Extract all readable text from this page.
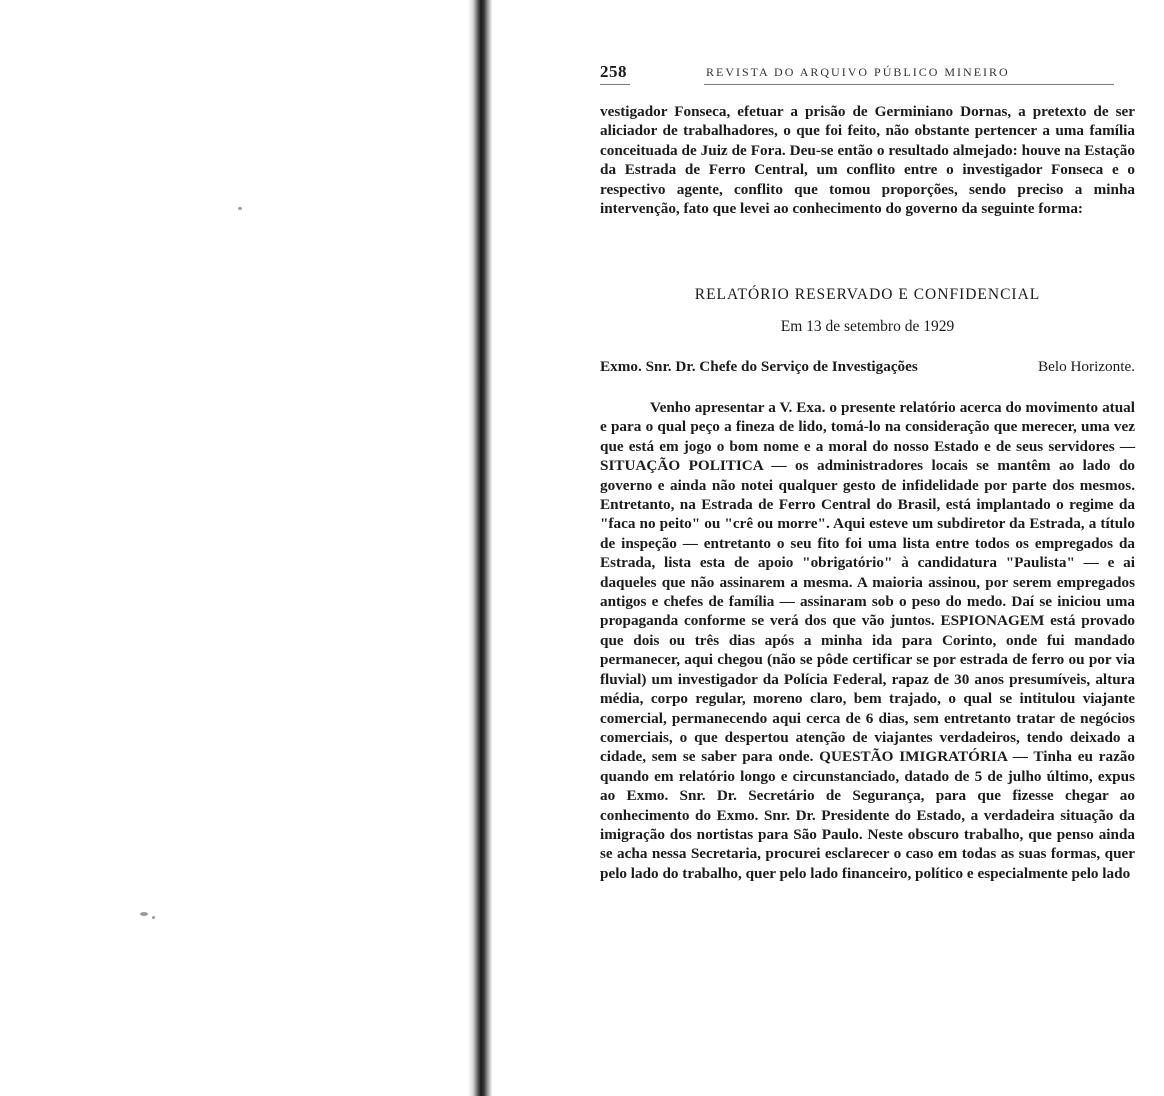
258	REVISTA DO ARQUIVO PÚBLICO MINEIRO

vestigador Fonseca, efetuar a prisão de Germiniano Dornas, a pretexto de ser aliciador de trabalhadores, o que foi feito, não obstante pertencer a uma família conceituada de Juiz de Fora. Deu-se então o resultado almejado: houve na Estação da Estrada de Ferro Central, um conflito entre o investigador Fonseca e o respectivo agente, conflito que tomou proporções, sendo preciso a minha intervenção, fato que levei ao conhecimento do governo da seguinte forma:

RELATÓRIO RESERVADO E CONFIDENCIAL
Em 13 de setembro de 1929
Exmo. Snr. Dr. Chefe do Serviço de Investigações	Belo Horizonte.

Venho apresentar a V. Exa. o presente relatório acerca do movimento atual e para o qual peço a fineza de lido, tomá-lo na consideração que merecer, uma vez que está em jogo o bom nome e a moral do nosso Estado e de seus servidores — SITUAÇÃO POLITICA — os administradores locais se mantêm ao lado do governo e ainda não notei qualquer gesto de infidelidade por parte dos mesmos. Entretanto, na Estrada de Ferro Central do Brasil, está implantado o regime da "faca no peito" ou "crê ou morre". Aqui esteve um subdiretor da Estrada, a título de inspeção — entretanto o seu fito foi uma lista entre todos os empregados da Estrada, lista esta de apoio "obrigatório" à candidatura "Paulista" — e ai daqueles que não assinarem a mesma. A maioria assinou, por serem empregados antigos e chefes de família — assinaram sob o peso do medo. Daí se iniciou uma propaganda conforme se verá dos que vão juntos. ESPIONAGEM está provado que dois ou três dias após a minha ida para Corinto, onde fui mandado permanecer, aqui chegou (não se pôde certificar se por estrada de ferro ou por via fluvial) um investigador da Polícia Federal, rapaz de 30 anos presumíveis, altura média, corpo regular, moreno claro, bem trajado, o qual se intitulou viajante comercial, permanecendo aqui cerca de 6 dias, sem entretanto tratar de negócios comerciais, o que despertou atenção de viajantes verdadeiros, tendo deixado a cidade, sem se saber para onde. QUESTÃO IMIGRATÓRIA — Tinha eu razão quando em relatório longo e circunstanciado, datado de 5 de julho último, expus ao Exmo. Snr. Dr. Secretário de Segurança, para que fizesse chegar ao conhecimento do Exmo. Snr. Dr. Presidente do Estado, a verdadeira situação da imigração dos nortistas para São Paulo. Neste obscuro trabalho, que penso ainda se acha nessa Secretaria, procurei esclarecer o caso em todas as suas formas, quer pelo lado do trabalho, quer pelo lado financeiro, político e especialmente pelo lado
